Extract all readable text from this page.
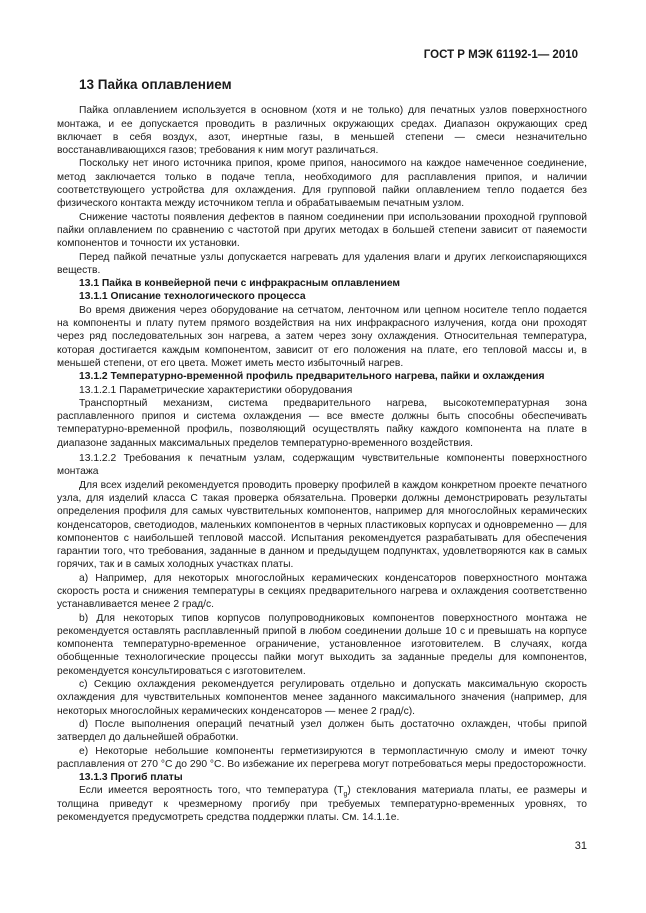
ГОСТ Р МЭК 61192-1— 2010
13 Пайка оплавлением

Пайка оплавлением используется в основном (хотя и не только) для печатных узлов поверхностного монтажа, и ее допускается проводить в различных окружающих средах. Диапазон окружающих сред включает в себя воздух, азот, инертные газы, в меньшей степени — смеси незначительно восстанавливающихся газов; требования к ним могут различаться.

Поскольку нет иного источника припоя, кроме припоя, наносимого на каждое намеченное соединение, метод заключается только в подаче тепла, необходимого для расплавления припоя, и наличии соответствующего устройства для охлаждения. Для групповой пайки оплавлением тепло подается без физического контакта между источником тепла и обрабатываемым печатным узлом.

Снижение частоты появления дефектов в паяном соединении при использовании проходной групповой пайки оплавлением по сравнению с частотой при других методах в большей степени зависит от паяемости компонентов и точности их установки.

Перед пайкой печатные узлы допускается нагревать для удаления влаги и других легкоиспаряющихся веществ.

13.1 Пайка в конвейерной печи с инфракрасным оплавлением

13.1.1 Описание технологического процесса

Во время движения через оборудование на сетчатом, ленточном или цепном носителе тепло подается на компоненты и плату путем прямого воздействия на них инфракрасного излучения, когда они проходят через ряд последовательных зон нагрева, а затем через зону охлаждения. Относительная температура, которая достигается каждым компонентом, зависит от его положения на плате, его тепловой массы и, в меньшей степени, от его цвета. Может иметь место избыточный нагрев.

13.1.2 Температурно-временной профиль предварительного нагрева, пайки и охлаждения

13.1.2.1 Параметрические характеристики оборудования

Транспортный механизм, система предварительного нагрева, высокотемпературная зона расплавленного припоя и система охлаждения — все вместе должны быть способны обеспечивать температурно-временной профиль, позволяющий осуществлять пайку каждого компонента на плате в диапазоне заданных максимальных пределов температурно-временного воздействия.

13.1.2.2 Требования к печатным узлам, содержащим чувствительные компоненты поверхностного монтажа

Для всех изделий рекомендуется проводить проверку профилей в каждом конкретном проекте печатного узла, для изделий класса С такая проверка обязательна. Проверки должны демонстрировать результаты определения профиля для самых чувствительных компонентов, например для многослойных керамических конденсаторов, светодиодов, маленьких компонентов в черных пластиковых корпусах и одновременно — для компонентов с наибольшей тепловой массой. Испытания рекомендуется разрабатывать для обеспечения гарантии того, что требования, заданные в данном и предыдущем подпунктах, удовлетворяются как в самых горячих, так и в самых холодных участках платы.

a) Например, для некоторых многослойных керамических конденсаторов поверхностного монтажа скорость роста и снижения температуры в секциях предварительного нагрева и охлаждения соответственно устанавливается менее 2 град/с.

b) Для некоторых типов корпусов полупроводниковых компонентов поверхностного монтажа не рекомендуется оставлять расплавленный припой в любом соединении дольше 10 с и превышать на корпусе компонента температурно-временное ограничение, установленное изготовителем. В случаях, когда обобщенные технологические процессы пайки могут выходить за заданные пределы для компонентов, рекомендуется консультироваться с изготовителем.

c) Секцию охлаждения рекомендуется регулировать отдельно и допускать максимальную скорость охлаждения для чувствительных компонентов менее заданного максимального значения (например, для некоторых многослойных керамических конденсаторов — менее 2 град/с).

d) После выполнения операций печатный узел должен быть достаточно охлажден, чтобы припой затвердел до дальнейшей обработки.

e) Некоторые небольшие компоненты герметизируются в термопластичную смолу и имеют точку расплавления от 270 °С до 290 °С. Во избежание их перегрева могут потребоваться меры предосторожности.

13.1.3 Прогиб платы

Если имеется вероятность того, что температура $(T_g)$ стеклования материала платы, ее размеры и толщина приведут к чрезмерному прогибу при требуемых температурно-временных уровнях, то рекомендуется предусмотреть средства поддержки платы. См. 14.1.1е.

31
